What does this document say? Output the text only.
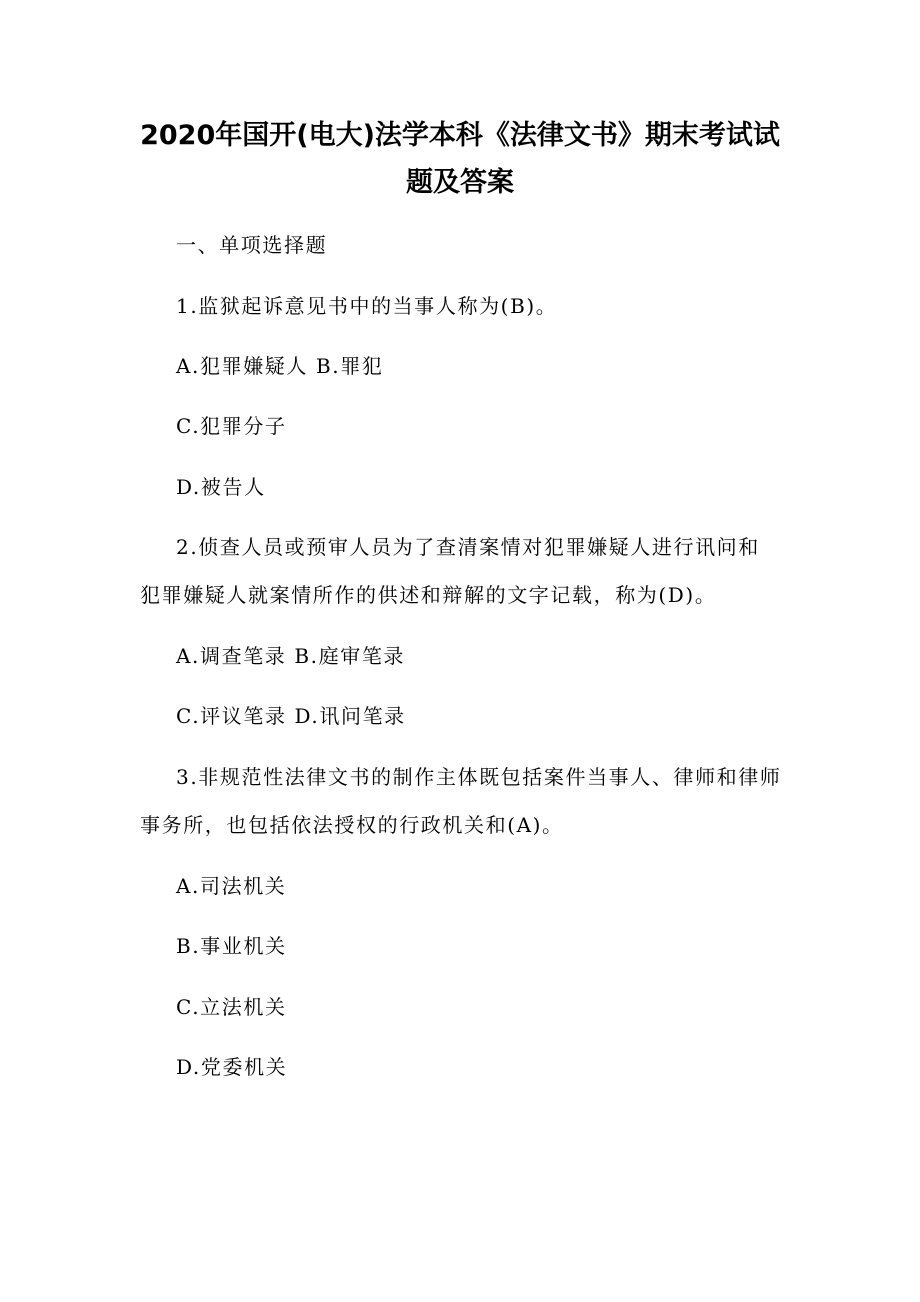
2020年国开(电大)法学本科《法律文书》期末考试试
题及答案
一、单项选择题
1.监狱起诉意见书中的当事人称为(B)。
A.犯罪嫌疑人 B.罪犯
C.犯罪分子
D.被告人
2.侦查人员或预审人员为了查清案情对犯罪嫌疑人进行讯问和
犯罪嫌疑人就案情所作的供述和辩解的文字记载，称为(D)。
A.调查笔录 B.庭审笔录
C.评议笔录 D.讯问笔录
3.非规范性法律文书的制作主体既包括案件当事人、律师和律师
事务所，也包括依法授权的行政机关和(A)。
A.司法机关
B.事业机关
C.立法机关
D.党委机关
